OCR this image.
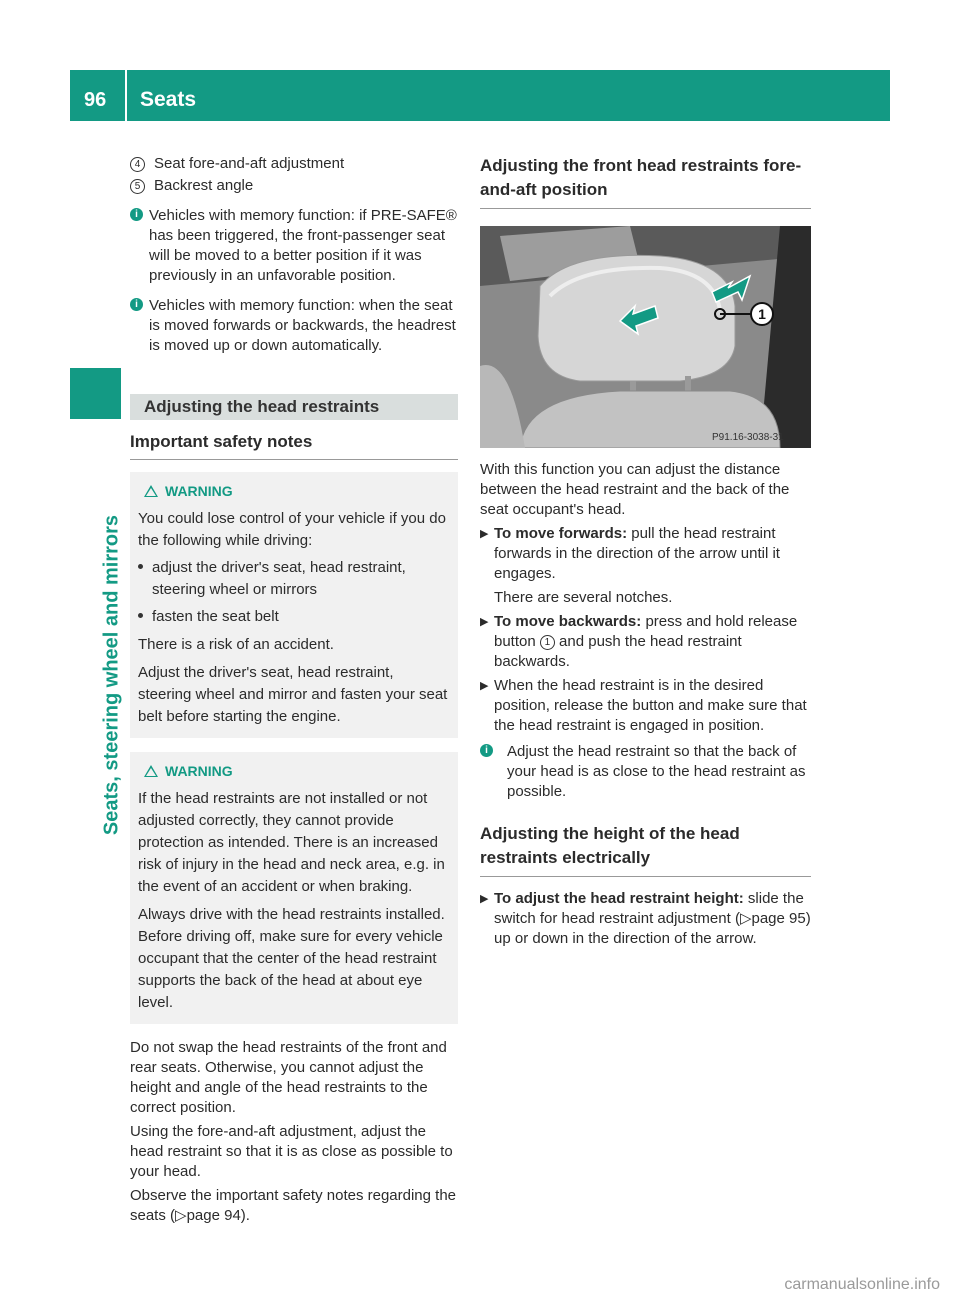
96 Seats
Seats, steering wheel and mirrors
4 Seat fore-and-aft adjustment
5 Backrest angle
i Vehicles with memory function: if PRE-SAFE® has been triggered, the front-passenger seat will be moved to a better position if it was previously in an unfavorable position.

i Vehicles with memory function: when the seat is moved forwards or backwards, the headrest is moved up or down automatically.

Adjusting the head restraints
Important safety notes
WARNING

You could lose control of your vehicle if you do the following while driving:

adjust the driver's seat, head restraint, steering wheel or mirrors
fasten the seat belt

There is a risk of an accident.

Adjust the driver's seat, head restraint, steering wheel and mirror and fasten your seat belt before starting the engine.

WARNING

If the head restraints are not installed or not adjusted correctly, they cannot provide protection as intended. There is an increased risk of injury in the head and neck area, e.g. in the event of an accident or when braking.

Always drive with the head restraints installed. Before driving off, make sure for every vehicle occupant that the center of the head restraint supports the back of the head at about eye level.

Do not swap the head restraints of the front and rear seats. Otherwise, you cannot adjust the height and angle of the head restraints to the correct position.

Using the fore-and-aft adjustment, adjust the head restraint so that it is as close as possible to your head.

Observe the important safety notes regarding the seats (▷page 94).

Adjusting the front head restraints fore-and-aft position
1
P91.16-3038-31

With this function you can adjust the distance between the head restraint and the back of the seat occupant's head.

▶ To move forwards: pull the head restraint forwards in the direction of the arrow until it engages.

There are several notches.

▶ To move backwards: press and hold release button 1 and push the head restraint backwards.
▶ When the head restraint is in the desired position, release the button and make sure that the head restraint is engaged in position.
i	Adjust the head restraint so that the back of your head is as close to the head restraint as possible.

Adjusting the height of the head restraints electrically
▶ To adjust the head restraint height: slide the switch for head restraint adjustment (▷page 95) up or down in the direction of the arrow.
carmanualsonline.info
